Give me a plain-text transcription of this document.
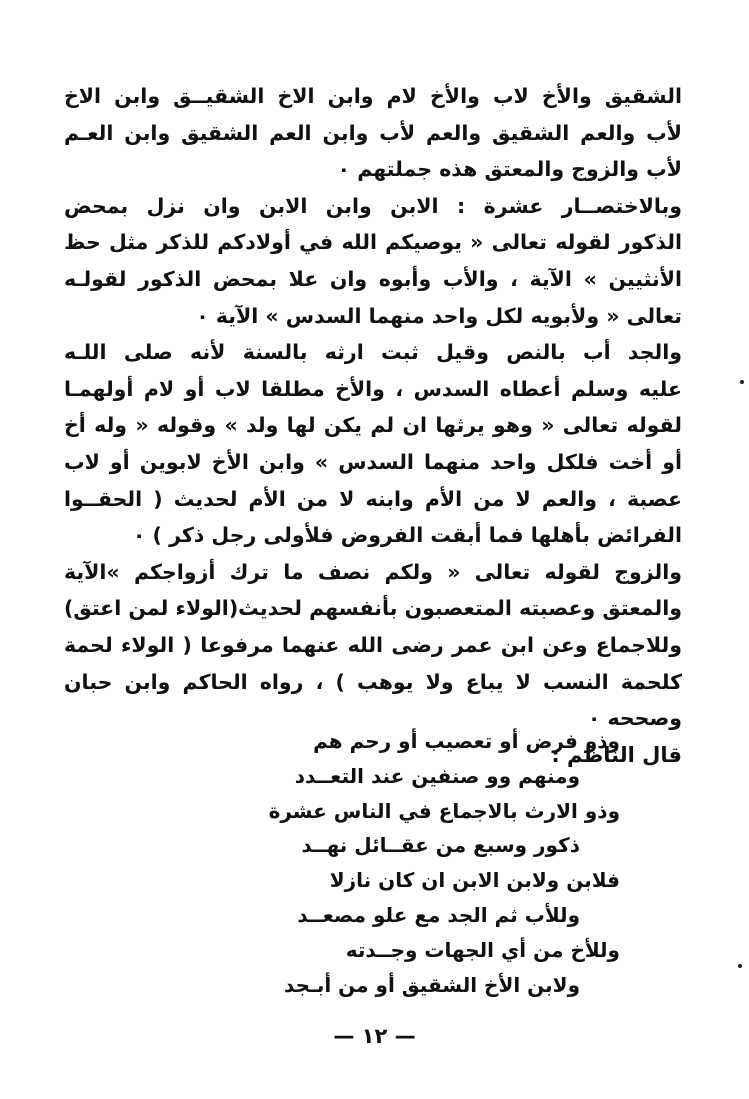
الشقيق والأخ لاب والأخ لام وابن الاخ الشقيــق وابن الاخ
لأب والعم الشقيق والعم لأب وابن العم الشقيق وابن العـم
لأب والزوج والمعتق هذه جملتهم ٠
وبالاختصــار عشرة : الابن وابن الابن وان نزل بمحض
الذكور لقوله تعالى « يوصيكم الله في أولادكم للذكر مثل حظ
الأنثيين » الآية ، والأب وأبوه وان علا بمحض الذكور لقولـه
تعالى « ولأبويه لكل واحد منهما السدس » الآية ٠
والجد أب بالنص وقيل ثبت ارثه بالسنة لأنه صلى اللـه
عليه وسلم أعطاه السدس ، والأخ مطلقا لاب أو لام أولهمـا
لقوله تعالى « وهو يرثها ان لم يكن لها ولد » وقوله « وله أخ
أو أخت فلكل واحد منهما السدس » وابن الأخ لابوين أو لاب
عصبة ، والعم لا من الأم وابنه لا من الأم لحديث ( الحقــوا
الفرائض بأهلها فما أبقت الفروض فلأولى رجل ذكر ) ٠
والزوج لقوله تعالى « ولكم نصف ما ترك أزواجكم »الآية
والمعتق وعصبته المتعصبون بأنفسهم لحديث(الولاء لمن اعتق)
وللاجماع وعن ابن عمر رضى الله عنهما مرفوعا ( الولاء لحمة
كلحمة النسب لا يباع ولا يوهب ) ، رواه الحاكم وابن حبان
وصححه ٠
قال الناظم :
وذو فرض أو تعصيب أو رحم هم
ومنهم وو صنفين عند التعــدد
وذو الارث بالاجماع في الناس عشرة
ذكور وسبع من عقــائل نهــد
فلابن ولابن الابن ان كان نازلا
وللأب ثم الجد مع علو مصعــد
وللأخ من أي الجهات وجــدته
ولابن الأخ الشقيق أو من أبـجد
— ١٢ —
